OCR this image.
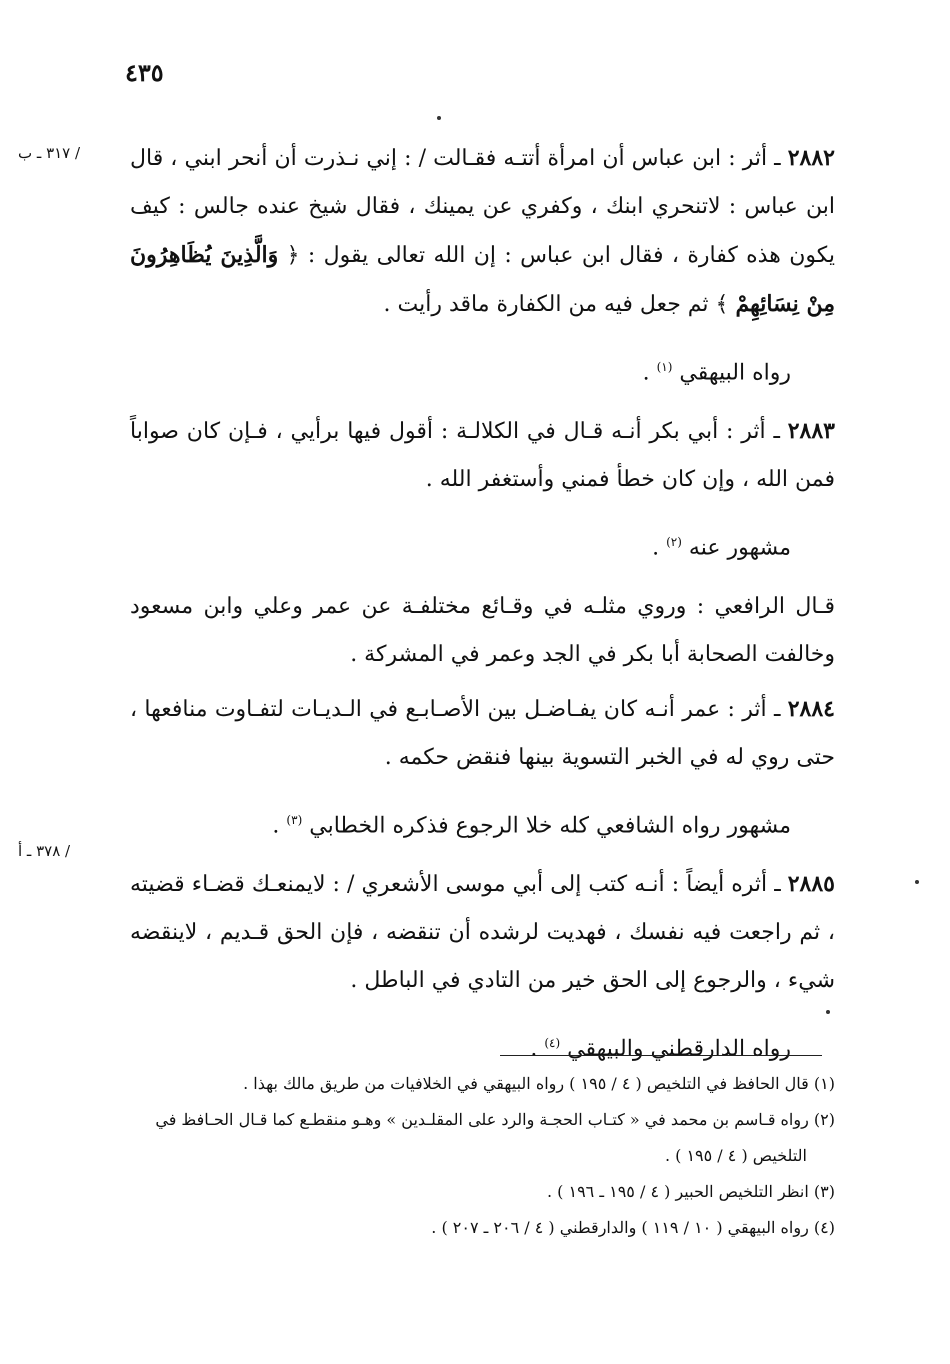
٤٣٥
/ ٣١٧ ـ ب
/ ٣٧٨ ـ أ

٢٨٨٢ ـ أثر : ابن عباس أن امرأة أتتـه فقـالت / : إني نـذرت أن أنحر ابني ، قال ابن عباس : لاتنحري ابنك ، وكفري عن يمينك ، فقال شيخ عنده جالس : كيف يكون هذه كفارة ، فقال ابن عباس : إن الله تعالى يقول : ﴿ وَالَّذِينَ يُظَاهِرُونَ مِنْ نِسَائِهِمْ ﴾ ثم جعل فيه من الكفارة ماقد رأيت .

رواه البيهقي $^{(١)}$ .

٢٨٨٣ ـ أثر : أبي بكر أنـه قـال في الكلالـة : أقول فيها برأيي ، فـإن كان صواباً فمن الله ، وإن كان خطأ فمني وأستغفر الله .

مشهور عنه $^{(٢)}$ .

قـال الرافعي : وروي مثلـه في وقـائع مختلفـة عن عمر وعلي وابن مسعود وخالفت الصحابة أبا بكر في الجد وعمر في المشركة .

٢٨٨٤ ـ أثر : عمر أنـه كان يفـاضـل بين الأصـابـع في الـديـات لتفـاوت منافعها ، حتى روي له في الخبر التسوية بينها فنقض حكمه .

مشهور رواه الشافعي كله خلا الرجوع فذكره الخطابي $^{(٣)}$ .

٢٨٨٥ ـ أثره أيضاً : أنـه كتب إلى أبي موسى الأشعري / : لايمنعـك قضـاء قضيته ، ثم راجعت فيه نفسك ، فهديت لرشده أن تنقضه ، فإن الحق قـديم ، لاينقضه شيء ، والرجوع إلى الحق خير من التادي في الباطل .

رواه الدارقطني والبيهقي $^{(٤)}$ .

(١) قال الحافظ في التلخيص ( ٤ / ١٩٥ ) رواه البيهقي في الخلافيات من طريق مالك بهذا .

(٢) رواه قـاسم بن محمد في « كتـاب الحجـة والرد على المقلـدين » وهـو منقطـع كما قـال الحـافظ في

التلخيص ( ٤ / ١٩٥ ) .

(٣) انظر التلخيص الحبير ( ٤ / ١٩٥ ـ ١٩٦ ) .

(٤) رواه البيهقي ( ١٠ / ١١٩ ) والدارقطني ( ٤ / ٢٠٦ ـ ٢٠٧ ) .
